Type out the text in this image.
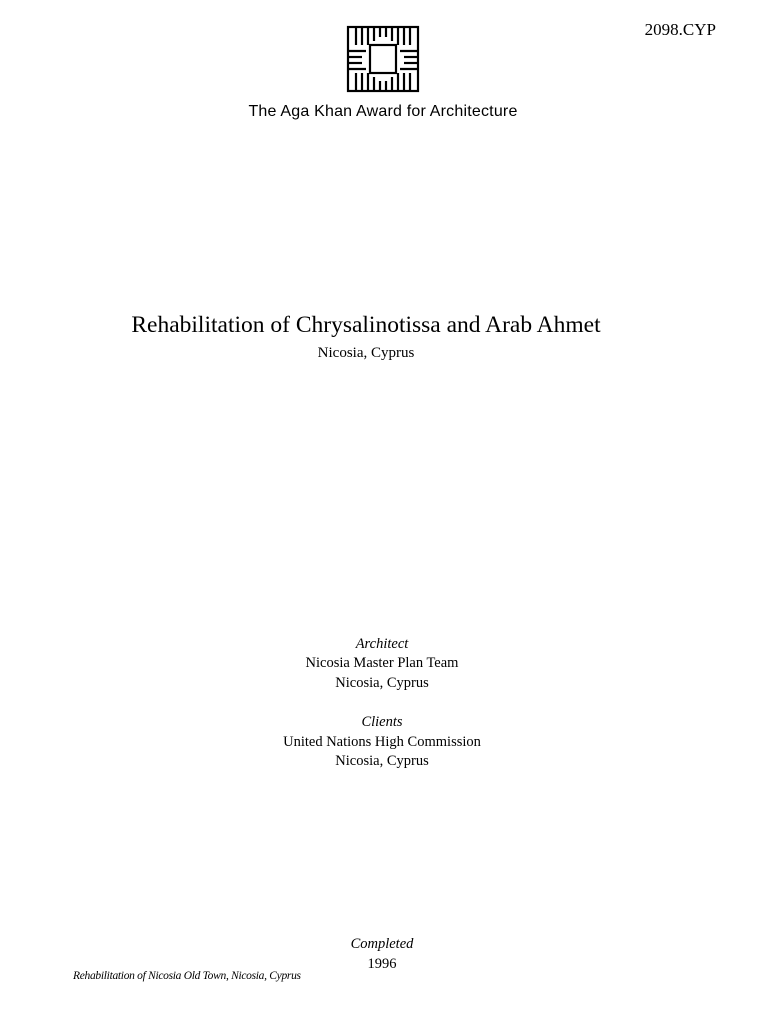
2098.CYP
The Aga Khan Award for Architecture
Rehabilitation of Chrysalinotissa and Arab Ahmet
Nicosia, Cyprus
Architect
Nicosia Master Plan Team
Nicosia, Cyprus
Clients
United Nations High Commission
Nicosia, Cyprus
Completed
1996
Rehabilitation of Nicosia Old Town, Nicosia, Cyprus
